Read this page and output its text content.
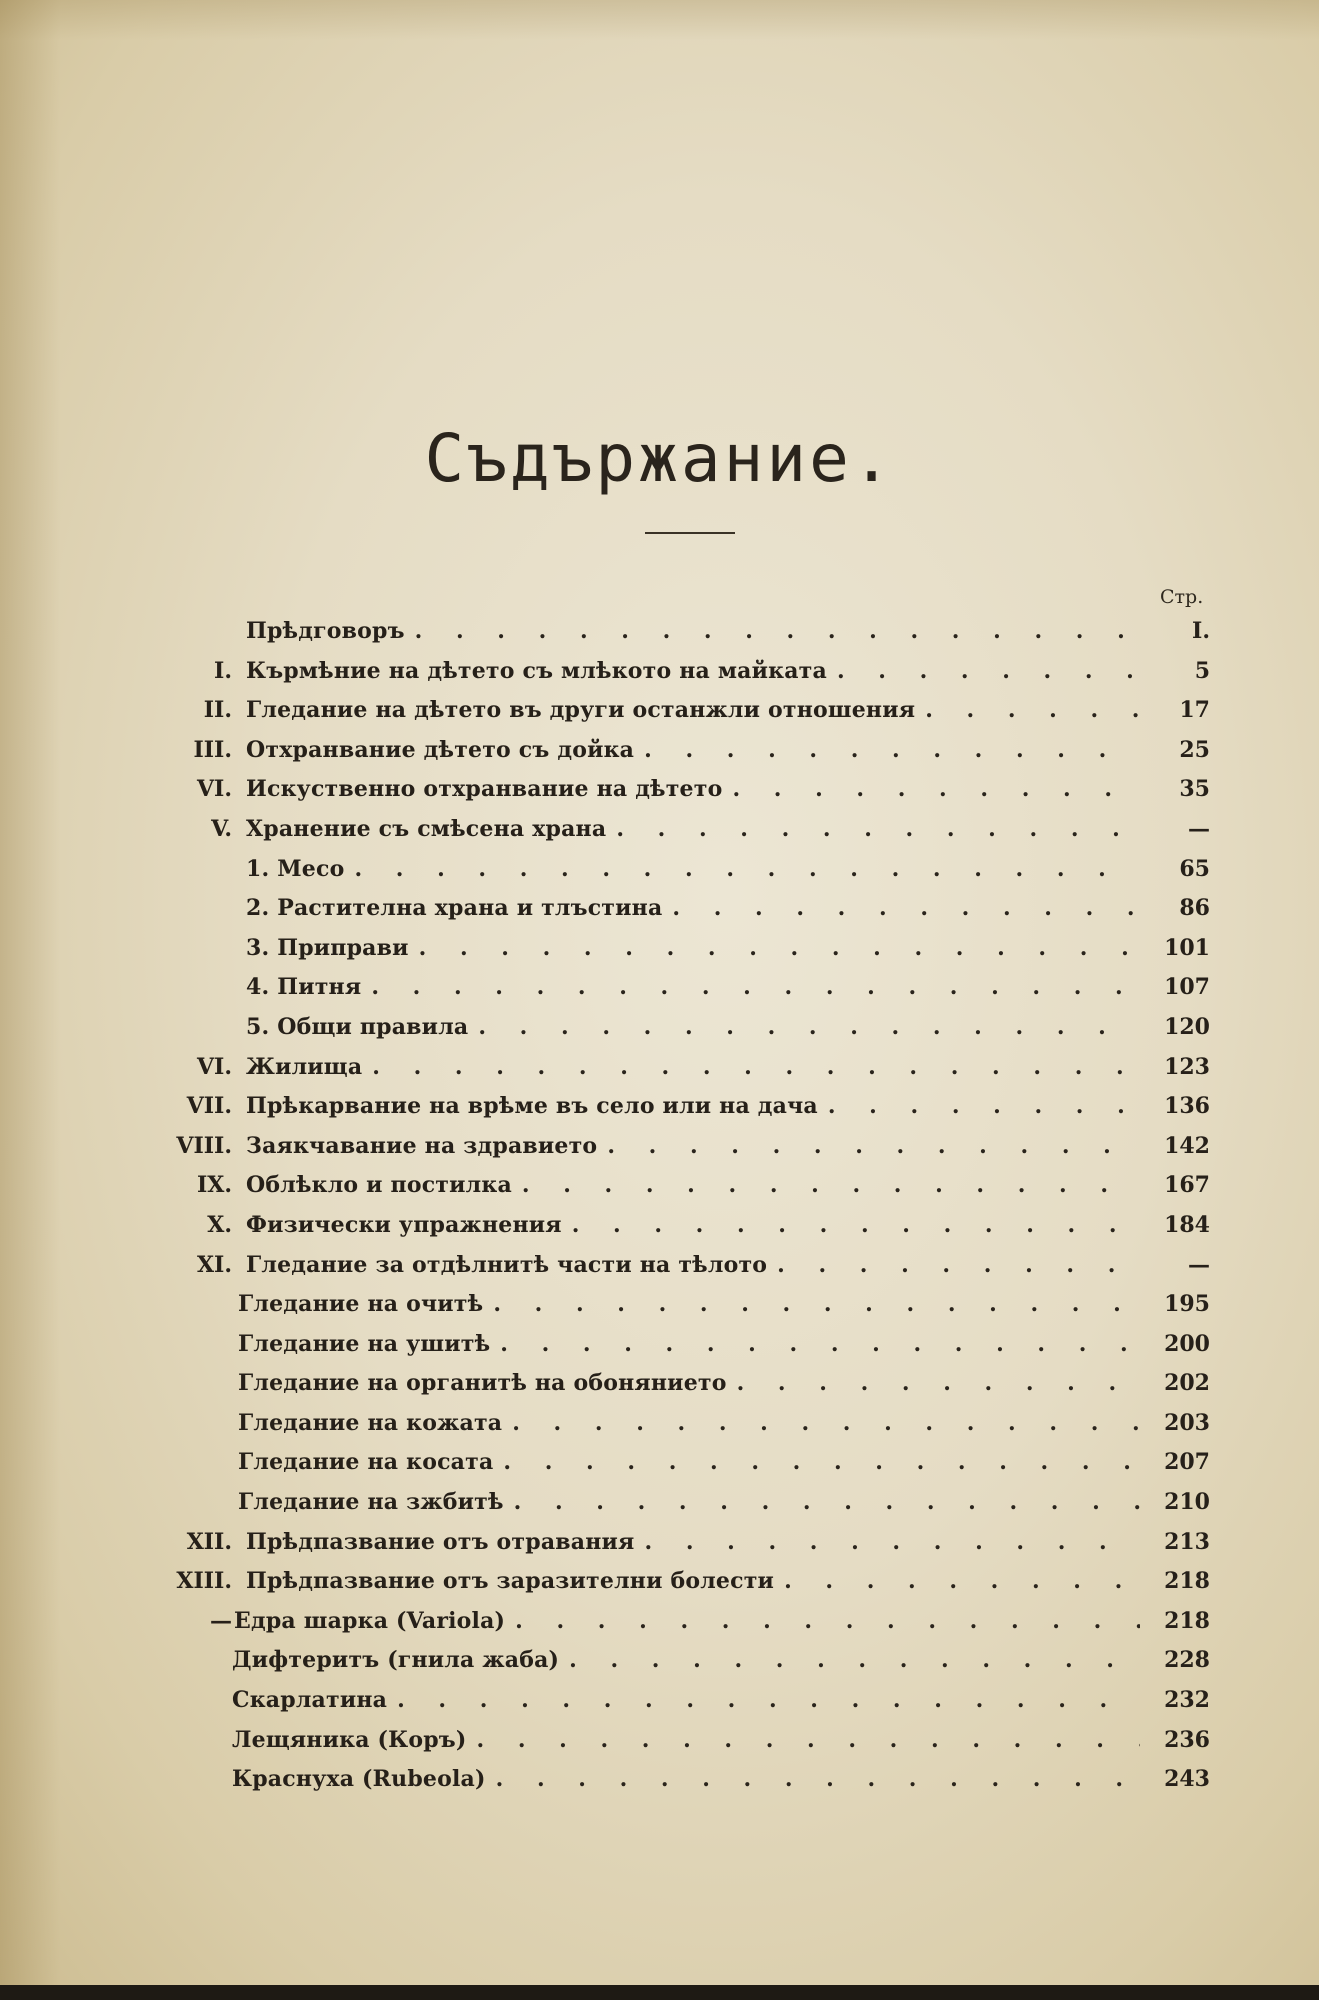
Съдържание.
Стр.
Прѣдговоръ . . .	I.
I. Кърмѣние на дѣтето съ млѣкото на майката . . .	5
II. Гледание на дѣтето въ други останжли отношения . . .	17
III. Отхранвание дѣтето съ дойка . . .	25
VI. Искуственно отхранвание на дѣтето . . .	35
V. Хранение съ смѣсена храна . . .	—
1. Месо . . .	65
2. Растителна храна и тлъстина . . .	86
3. Приправи . . .	101
4. Питня . . .	107
5. Общи правила . . .	120
VI. Жилища . . .	123
VII. Прѣкарвание на врѣме въ село или на дача . . .	136
VIII. Заякчавание на здравието . . .	142
IX. Облѣкло и постилка . . .	167
X. Физически упражнения . . .	184
XI. Гледание за отдѣлнитѣ части на тѣлото . . .	—
Гледание на очитѣ . . .	195
Гледание на ушитѣ . . .	200
Гледание на органитѣ на обонянието . . .	202
Гледание на кожата . . .	203
Гледание на косата . . .	207
Гледание на зжбитѣ . . .	210
XII. Прѣдпазвание отъ отравания . . .	213
XIII. Прѣдпазвание отъ заразителни болести . . .	218
— Едра шарка (Variola) . . .	218
Дифтеритъ (гнила жаба) . . .	228
Скарлатина . . .	232
Лещяника (Коръ) . . .	236
Краснуха (Rubeola) . . .	243
